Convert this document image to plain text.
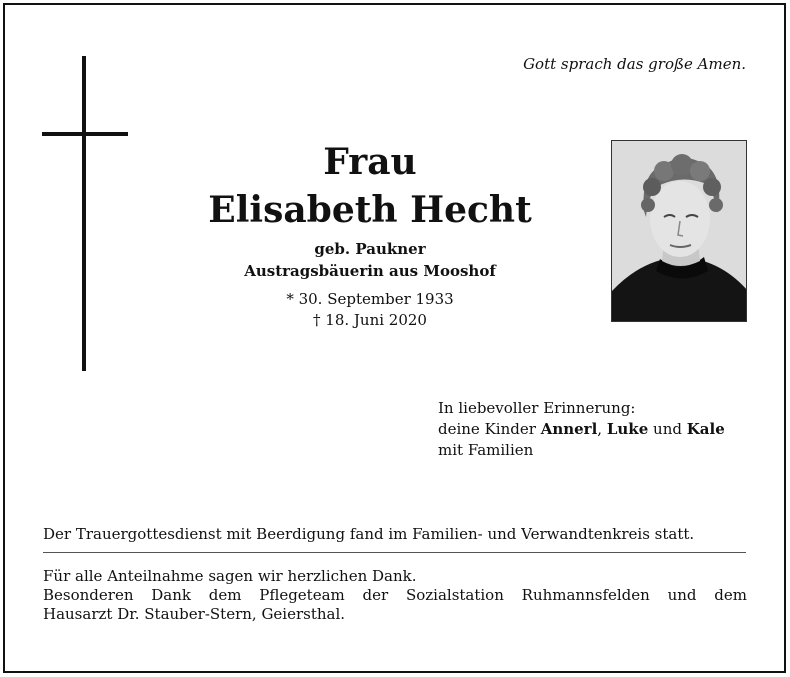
Gott sprach das große Amen.
Frau
Elisabeth Hecht
geb. Paukner
Austragsbäuerin aus Mooshof
* 30. September 1933
† 18. Juni 2020
In liebevoller Erinnerung:
deine Kinder Annerl, Luke und Kale
mit Familien
Der Trauergottesdienst mit Beerdigung fand im Familien- und Verwandtenkreis statt.
Für alle Anteilnahme sagen wir herzlichen Dank.
Besonderen Dank dem Pflegeteam der Sozialstation Ruhmannsfelden und dem
Hausarzt Dr. Stauber-Stern, Geiersthal.
